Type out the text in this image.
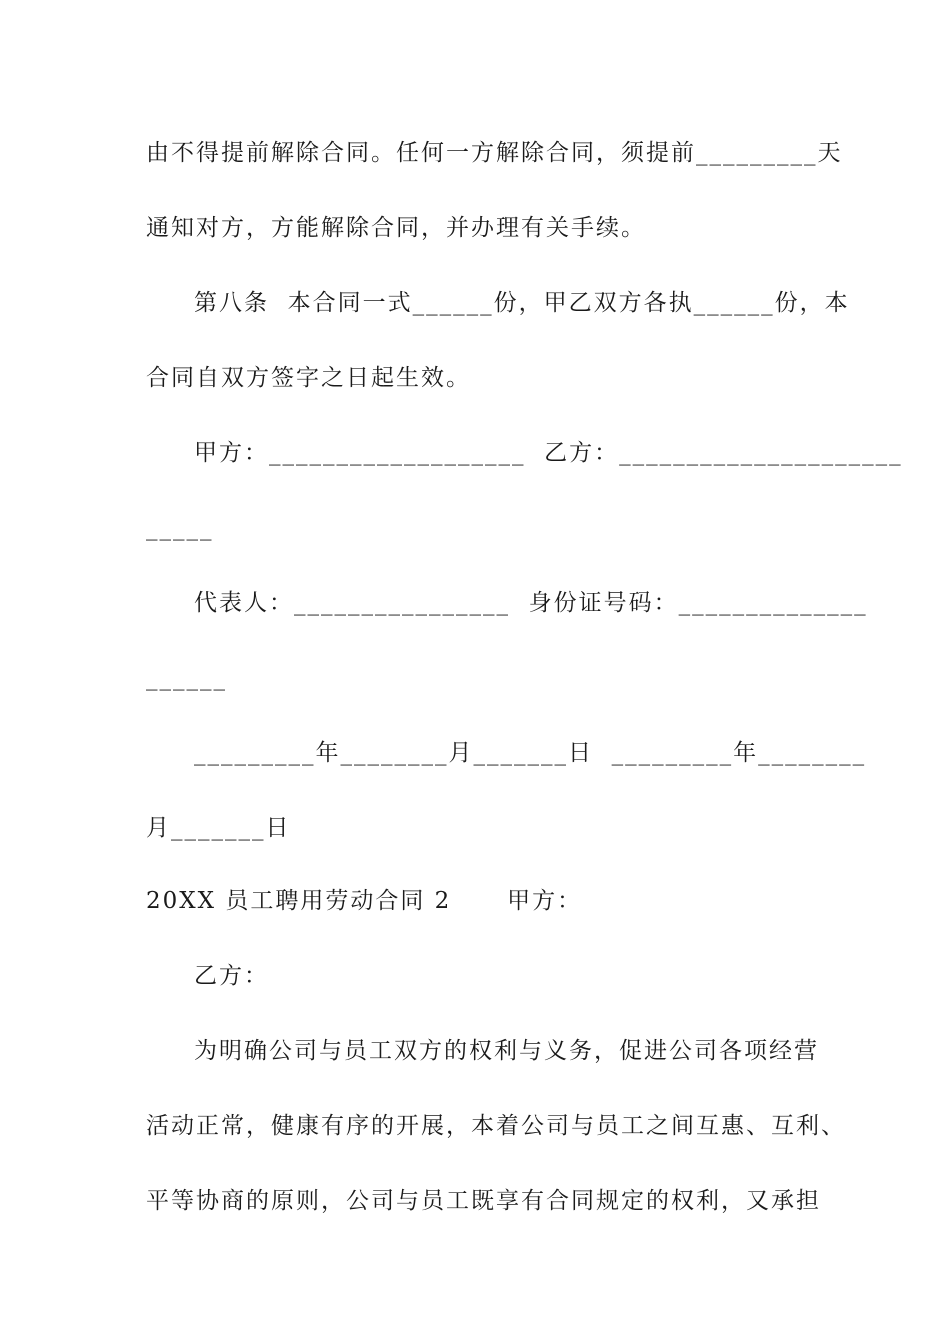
由不得提前解除合同。任何一方解除合同，须提前_________天
通知对方，方能解除合同，并办理有关手续。
第八条  本合同一式______份，甲乙双方各执______份，本
合同自双方签字之日起生效。
甲方：___________________  乙方：_____________________
_____
代表人：________________  身份证号码：______________
______
_________年________月_______日  _________年________
月_______日
20XX 员工聘用劳动合同 2      甲方：
乙方：
为明确公司与员工双方的权利与义务，促进公司各项经营
活动正常，健康有序的开展，本着公司与员工之间互惠、互利、
平等协商的原则，公司与员工既享有合同规定的权利，又承担
